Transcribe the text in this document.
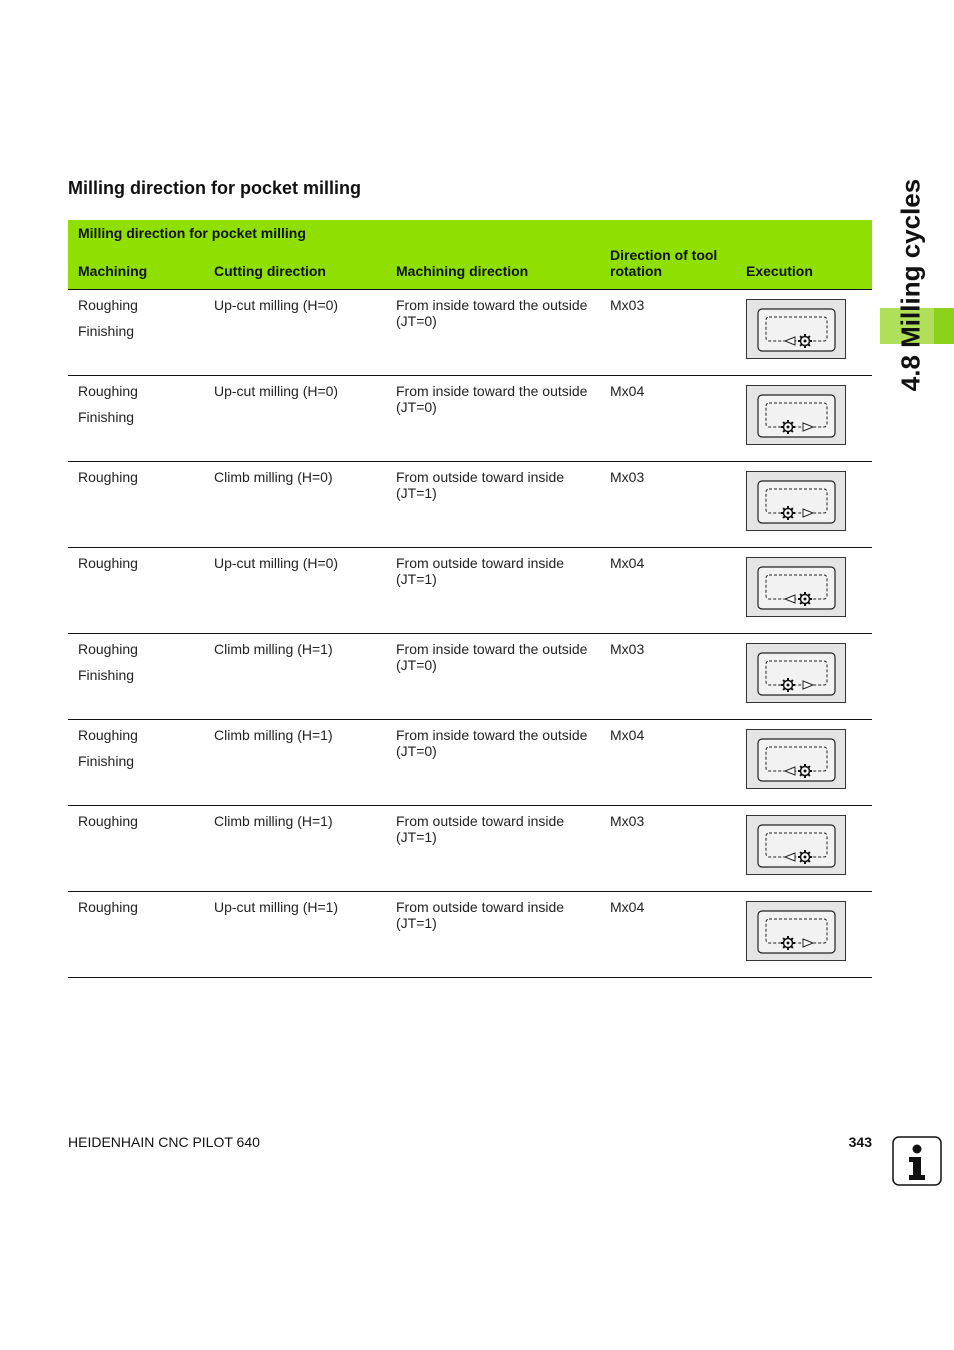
Milling direction for pocket milling
Milling direction for pocket milling				
Machining	Cutting direction	Machining direction	Direction of tool rotation	Execution

Roughing
Finishing	Up-cut milling (H=0)	From inside toward the outside (JT=0)	Mx03	

Roughing
Finishing	Up-cut milling (H=0)	From inside toward the outside (JT=0)	Mx04	

Roughing	Climb milling (H=0)	From outside toward inside (JT=1)	Mx03	

Roughing	Up-cut milling (H=0)	From outside toward inside (JT=1)	Mx04	

Roughing
Finishing	Climb milling (H=1)	From inside toward the outside (JT=0)	Mx03	

Roughing
Finishing	Climb milling (H=1)	From inside toward the outside (JT=0)	Mx04	

Roughing	Climb milling (H=1)	From outside toward inside (JT=1)	Mx03	

Roughing	Up-cut milling (H=1)	From outside toward inside (JT=1)	Mx04	
4.8 Milling cycles
HEIDENHAIN CNC PILOT 640	343
